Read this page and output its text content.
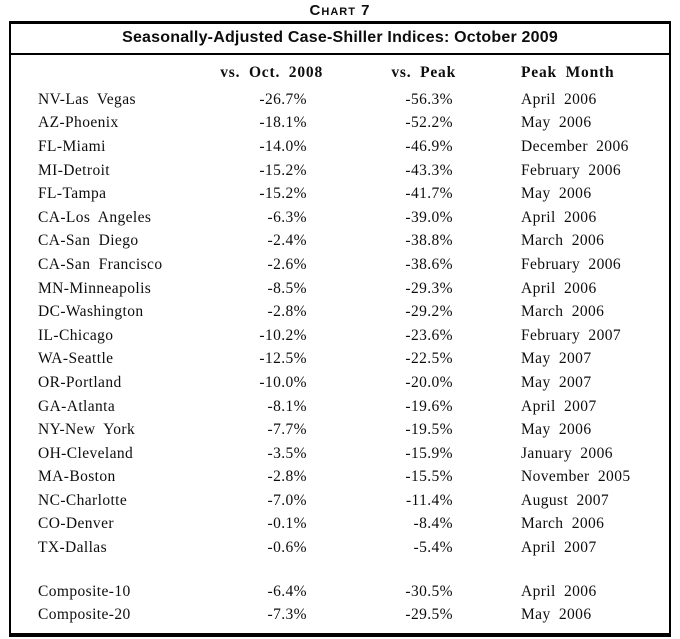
Chart 7
Seasonally-Adjusted Case-Shiller Indices: October 2009
	vs. Oct. 2008	vs. Peak	Peak Month
NV-Las Vegas	-26.7%	-56.3%	April 2006
AZ-Phoenix	-18.1%	-52.2%	May 2006
FL-Miami	-14.0%	-46.9%	December 2006
MI-Detroit	-15.2%	-43.3%	February 2006
FL-Tampa	-15.2%	-41.7%	May 2006
CA-Los Angeles	-6.3%	-39.0%	April 2006
CA-San Diego	-2.4%	-38.8%	March 2006
CA-San Francisco	-2.6%	-38.6%	February 2006
MN-Minneapolis	-8.5%	-29.3%	April 2006
DC-Washington	-2.8%	-29.2%	March 2006
IL-Chicago	-10.2%	-23.6%	February 2007
WA-Seattle	-12.5%	-22.5%	May 2007
OR-Portland	-10.0%	-20.0%	May 2007
GA-Atlanta	-8.1%	-19.6%	April 2007
NY-New York	-7.7%	-19.5%	May 2006
OH-Cleveland	-3.5%	-15.9%	January 2006
MA-Boston	-2.8%	-15.5%	November 2005
NC-Charlotte	-7.0%	-11.4%	August 2007
CO-Denver	-0.1%	-8.4%	March 2006
TX-Dallas	-0.6%	-5.4%	April 2007

Composite-10	-6.4%	-30.5%	April 2006
Composite-20	-7.3%	-29.5%	May 2006
